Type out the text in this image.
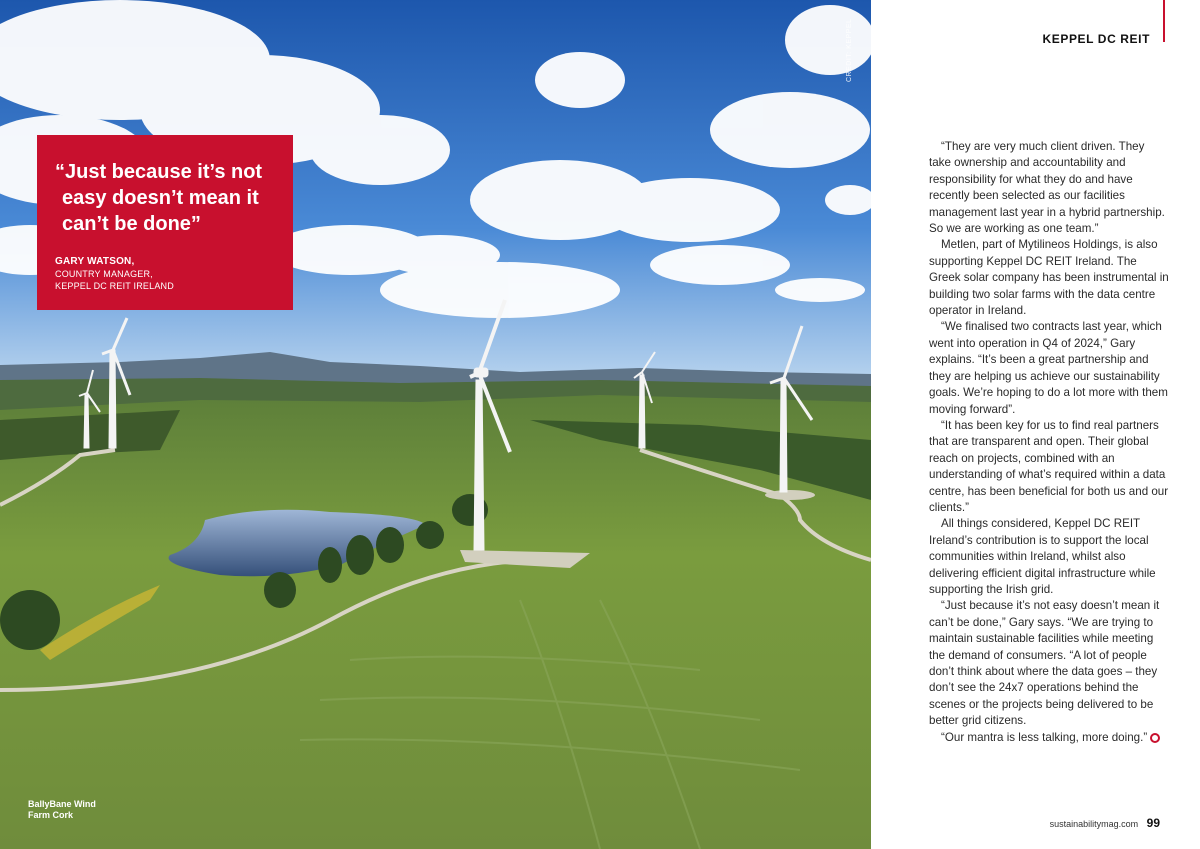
CREDIT: KEPPEL
BallyBane Wind Farm Cork

“Just because it’s not easy doesn’t mean it can’t be done”

GARY WATSON,
COUNTRY MANAGER,
KEPPEL DC REIT IRELAND
KEPPEL DC REIT

“They are very much client driven. They take ownership and accountability and responsibility for what they do and have recently been selected as our facilities management last year in a hybrid partnership. So we are working as one team.”

Metlen, part of Mytilineos Holdings, is also supporting Keppel DC REIT Ireland. The Greek solar company has been instrumental in building two solar farms with the data centre operator in Ireland.

“We finalised two contracts last year, which went into operation in Q4 of 2024,” Gary explains. “It’s been a great partnership and they are helping us achieve our sustainability goals. We’re hoping to do a lot more with them moving forward”.

“It has been key for us to find real partners that are transparent and open. Their global reach on projects, combined with an understanding of what’s required within a data centre, has been beneficial for both us and our clients.”

All things considered, Keppel DC REIT Ireland’s contribution is to support the local communities within Ireland, whilst also delivering efficient digital infrastructure while supporting the Irish grid.

“Just because it’s not easy doesn’t mean it can’t be done,” Gary says. “We are trying to maintain sustainable facilities while meeting the demand of consumers. “A lot of people don’t think about where the data goes – they don’t see the 24x7 operations behind the scenes or the projects being delivered to be better grid citizens.

“Our mantra is less talking, more doing.”

sustainabilitymag.com 99
